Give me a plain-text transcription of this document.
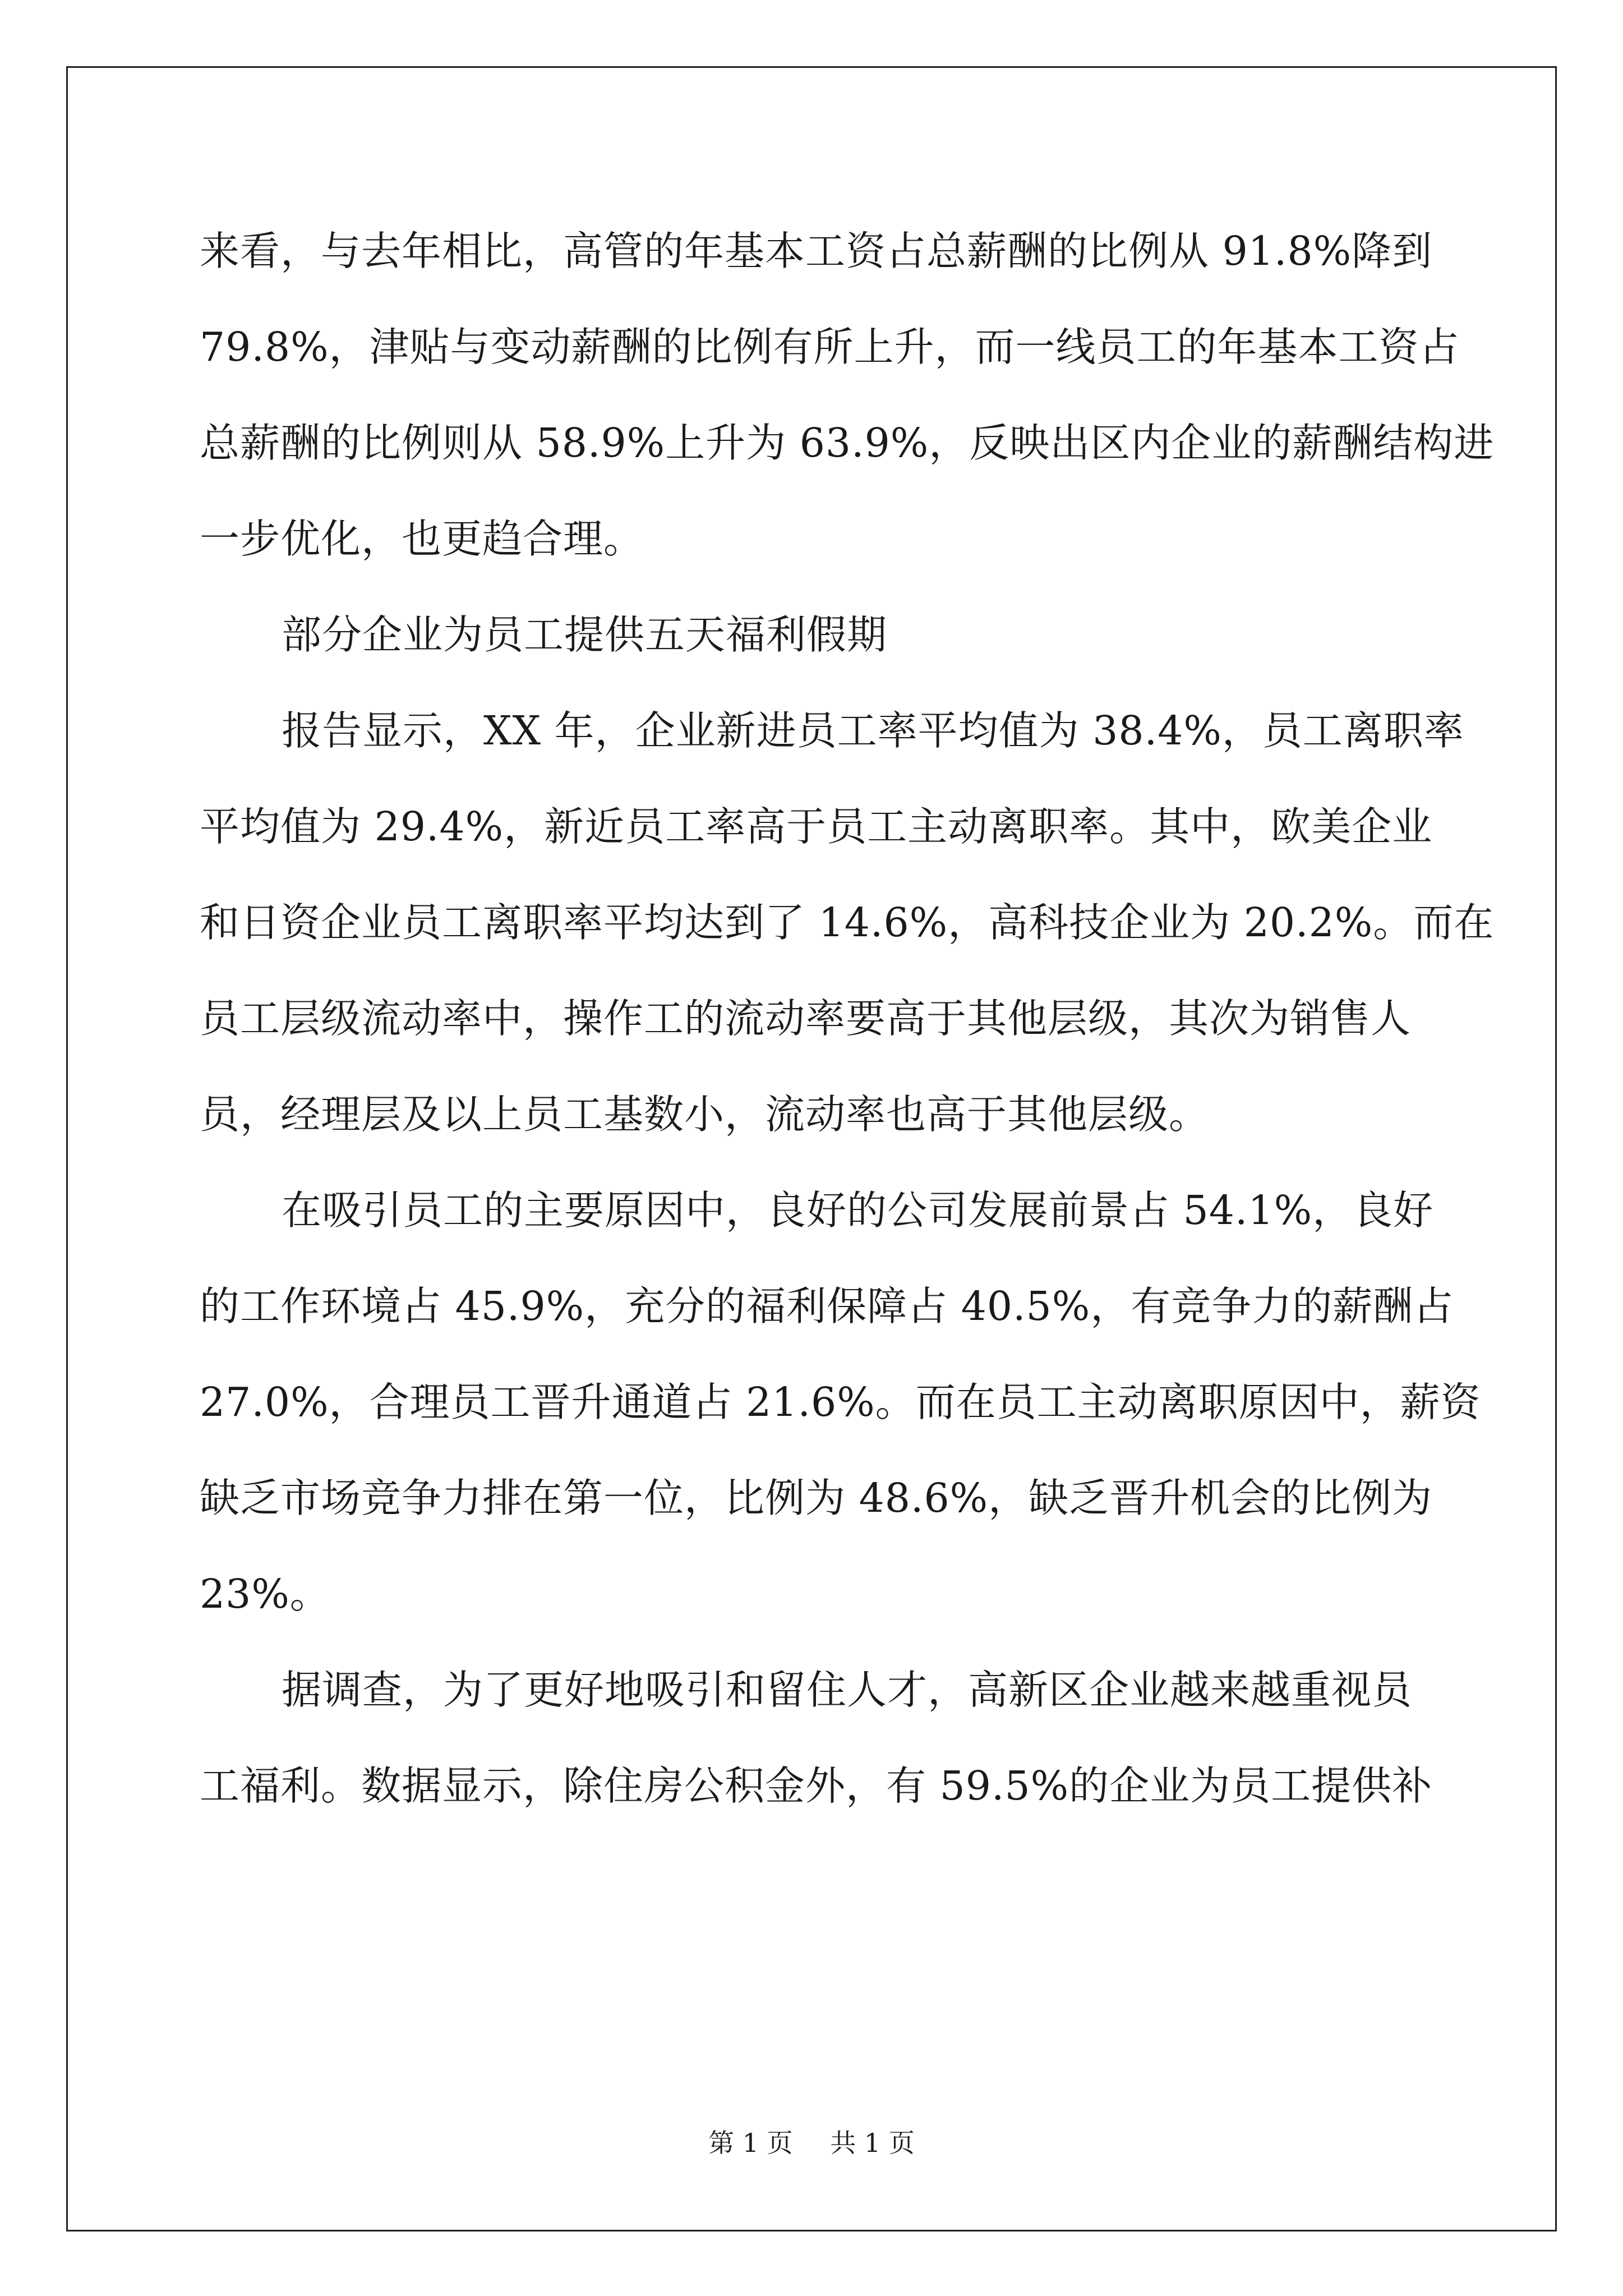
来看，与去年相比，高管的年基本工资占总薪酬的比例从 91.8%降到
79.8%，津贴与变动薪酬的比例有所上升，而一线员工的年基本工资占
总薪酬的比例则从 58.9%上升为 63.9%，反映出区内企业的薪酬结构进
一步优化，也更趋合理。
部分企业为员工提供五天福利假期
报告显示，XX 年，企业新进员工率平均值为 38.4%，员工离职率
平均值为 29.4%，新近员工率高于员工主动离职率。其中，欧美企业
和日资企业员工离职率平均达到了 14.6%，高科技企业为 20.2%。而在
员工层级流动率中，操作工的流动率要高于其他层级，其次为销售人
员，经理层及以上员工基数小，流动率也高于其他层级。
在吸引员工的主要原因中，良好的公司发展前景占 54.1%，良好
的工作环境占 45.9%，充分的福利保障占 40.5%，有竞争力的薪酬占
27.0%，合理员工晋升通道占 21.6%。而在员工主动离职原因中，薪资
缺乏市场竞争力排在第一位，比例为 48.6%，缺乏晋升机会的比例为
23%。
据调查，为了更好地吸引和留住人才，高新区企业越来越重视员
工福利。数据显示，除住房公积金外，有 59.5%的企业为员工提供补
第 1 页 共 1 页
